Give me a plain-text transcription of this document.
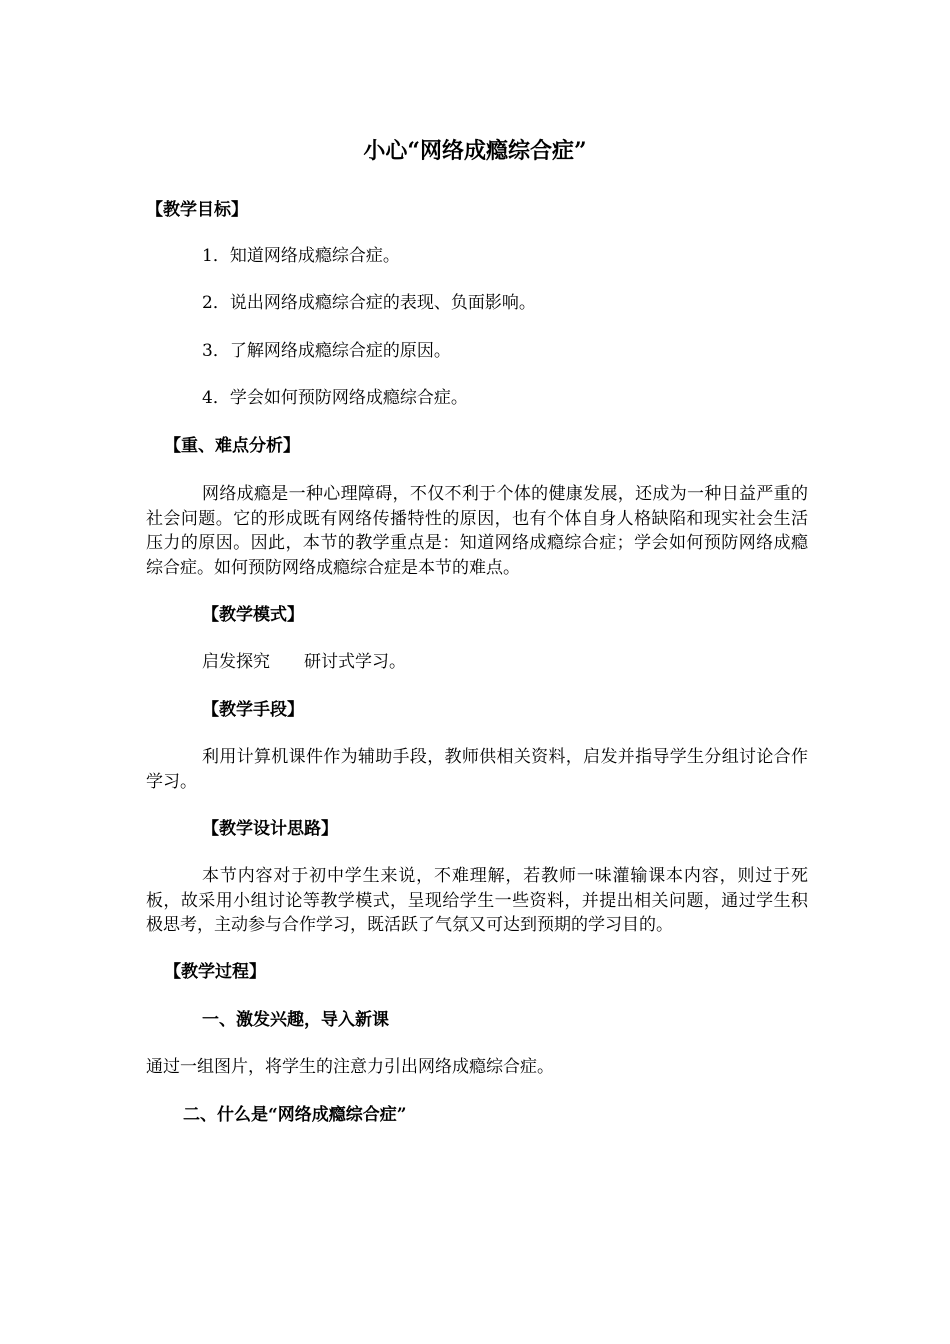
小心“网络成瘾综合症”
【教学目标】
1．知道网络成瘾综合症。
2．说出网络成瘾综合症的表现、负面影响。
3．了解网络成瘾综合症的原因。
4．学会如何预防网络成瘾综合症。
【重、难点分析】

网络成瘾是一种心理障碍，不仅不利于个体的健康发展，还成为一种日益严重的社会问题。它的形成既有网络传播特性的原因，也有个体自身人格缺陷和现实社会生活压力的原因。因此，本节的教学重点是：知道网络成瘾综合症；学会如何预防网络成瘾综合症。如何预防网络成瘾综合症是本节的难点。

【教学模式】
启发探究　　研讨式学习。
【教学手段】

利用计算机课件作为辅助手段，教师供相关资料，启发并指导学生分组讨论合作学习。

【教学设计思路】

本节内容对于初中学生来说，不难理解，若教师一味灌输课本内容，则过于死板，故采用小组讨论等教学模式，呈现给学生一些资料，并提出相关问题，通过学生积极思考，主动参与合作学习，既活跃了气氛又可达到预期的学习目的。

【教学过程】
一、激发兴趣，导入新课
通过一组图片，将学生的注意力引出网络成瘾综合症。
二、什么是“网络成瘾综合症”
